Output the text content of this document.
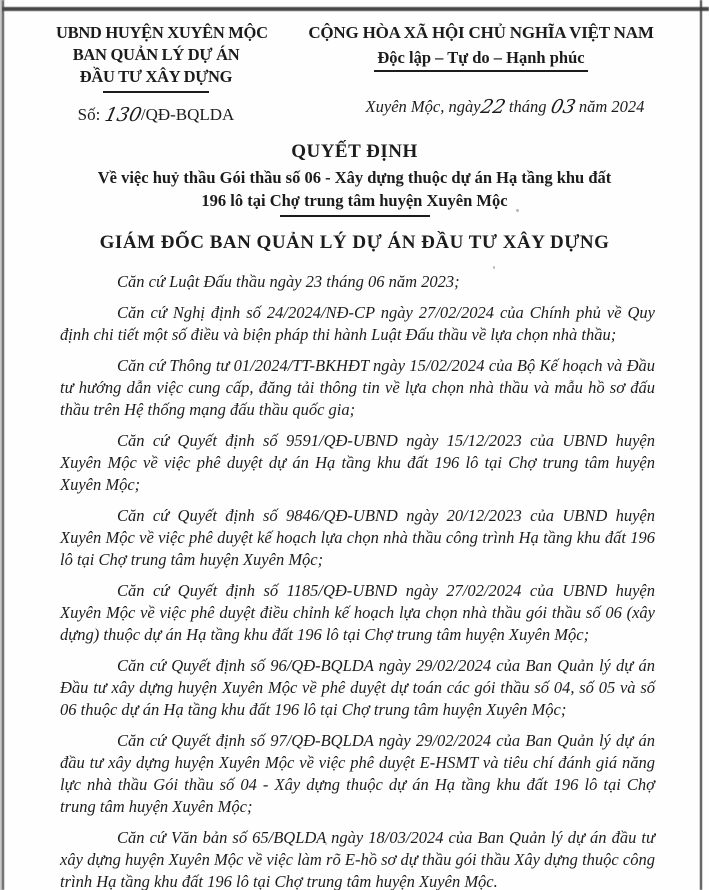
UBND HUYỆN XUYÊN MỘC
BAN QUẢN LÝ DỰ ÁN
ĐẦU TƯ XÂY DỰNG
Số: 130/QĐ-BQLDA
CỘNG HÒA XÃ HỘI CHỦ NGHĨA VIỆT NAM
Độc lập – Tự do – Hạnh phúc
Xuyên Mộc, ngày22 tháng 03 năm 2024
QUYẾT ĐỊNH
Về việc huỷ thầu Gói thầu số 06 - Xây dựng thuộc dự án Hạ tầng khu đất
196 lô tại Chợ trung tâm huyện Xuyên Mộc
GIÁM ĐỐC BAN QUẢN LÝ DỰ ÁN ĐẦU TƯ XÂY DỰNG

Căn cứ Luật Đấu thầu ngày 23 tháng 06 năm 2023;

Căn cứ Nghị định số 24/2024/NĐ-CP ngày 27/02/2024 của Chính phủ về Quy định chi tiết một số điều và biện pháp thi hành Luật Đấu thầu về lựa chọn nhà thầu;

Căn cứ Thông tư 01/2024/TT-BKHĐT ngày 15/02/2024 của Bộ Kế hoạch và Đầu tư hướng dẫn việc cung cấp, đăng tải thông tin về lựa chọn nhà thầu và mẫu hồ sơ đấu thầu trên Hệ thống mạng đấu thầu quốc gia;

Căn cứ Quyết định số 9591/QĐ-UBND ngày 15/12/2023 của UBND huyện Xuyên Mộc về việc phê duyệt dự án Hạ tầng khu đất 196 lô tại Chợ trung tâm huyện Xuyên Mộc;

Căn cứ Quyết định số 9846/QĐ-UBND ngày 20/12/2023 của UBND huyện Xuyên Mộc về việc phê duyệt kế hoạch lựa chọn nhà thầu công trình Hạ tầng khu đất 196 lô tại Chợ trung tâm huyện Xuyên Mộc;

Căn cứ Quyết định số 1185/QĐ-UBND ngày 27/02/2024 của UBND huyện Xuyên Mộc về việc phê duyệt điều chỉnh kế hoạch lựa chọn nhà thầu gói thầu số 06 (xây dựng) thuộc dự án Hạ tầng khu đất 196 lô tại Chợ trung tâm huyện Xuyên Mộc;

Căn cứ Quyết định số 96/QĐ-BQLDA ngày 29/02/2024 của Ban Quản lý dự án Đầu tư xây dựng huyện Xuyên Mộc về phê duyệt dự toán các gói thầu số 04, số 05 và số 06 thuộc dự án Hạ tầng khu đất 196 lô tại Chợ trung tâm huyện Xuyên Mộc;

Căn cứ Quyết định số 97/QĐ-BQLDA ngày 29/02/2024 của Ban Quản lý dự án đầu tư xây dựng huyện Xuyên Mộc về việc phê duyệt E-HSMT và tiêu chí đánh giá năng lực nhà thầu Gói thầu số 04 - Xây dựng thuộc dự án Hạ tầng khu đất 196 lô tại Chợ trung tâm huyện Xuyên Mộc;

Căn cứ Văn bản số 65/BQLDA ngày 18/03/2024 của Ban Quản lý dự án đầu tư xây dựng huyện Xuyên Mộc về việc làm rõ E-hồ sơ dự thầu gói thầu Xây dựng thuộc công trình Hạ tầng khu đất 196 lô tại Chợ trung tâm huyện Xuyên Mộc.
